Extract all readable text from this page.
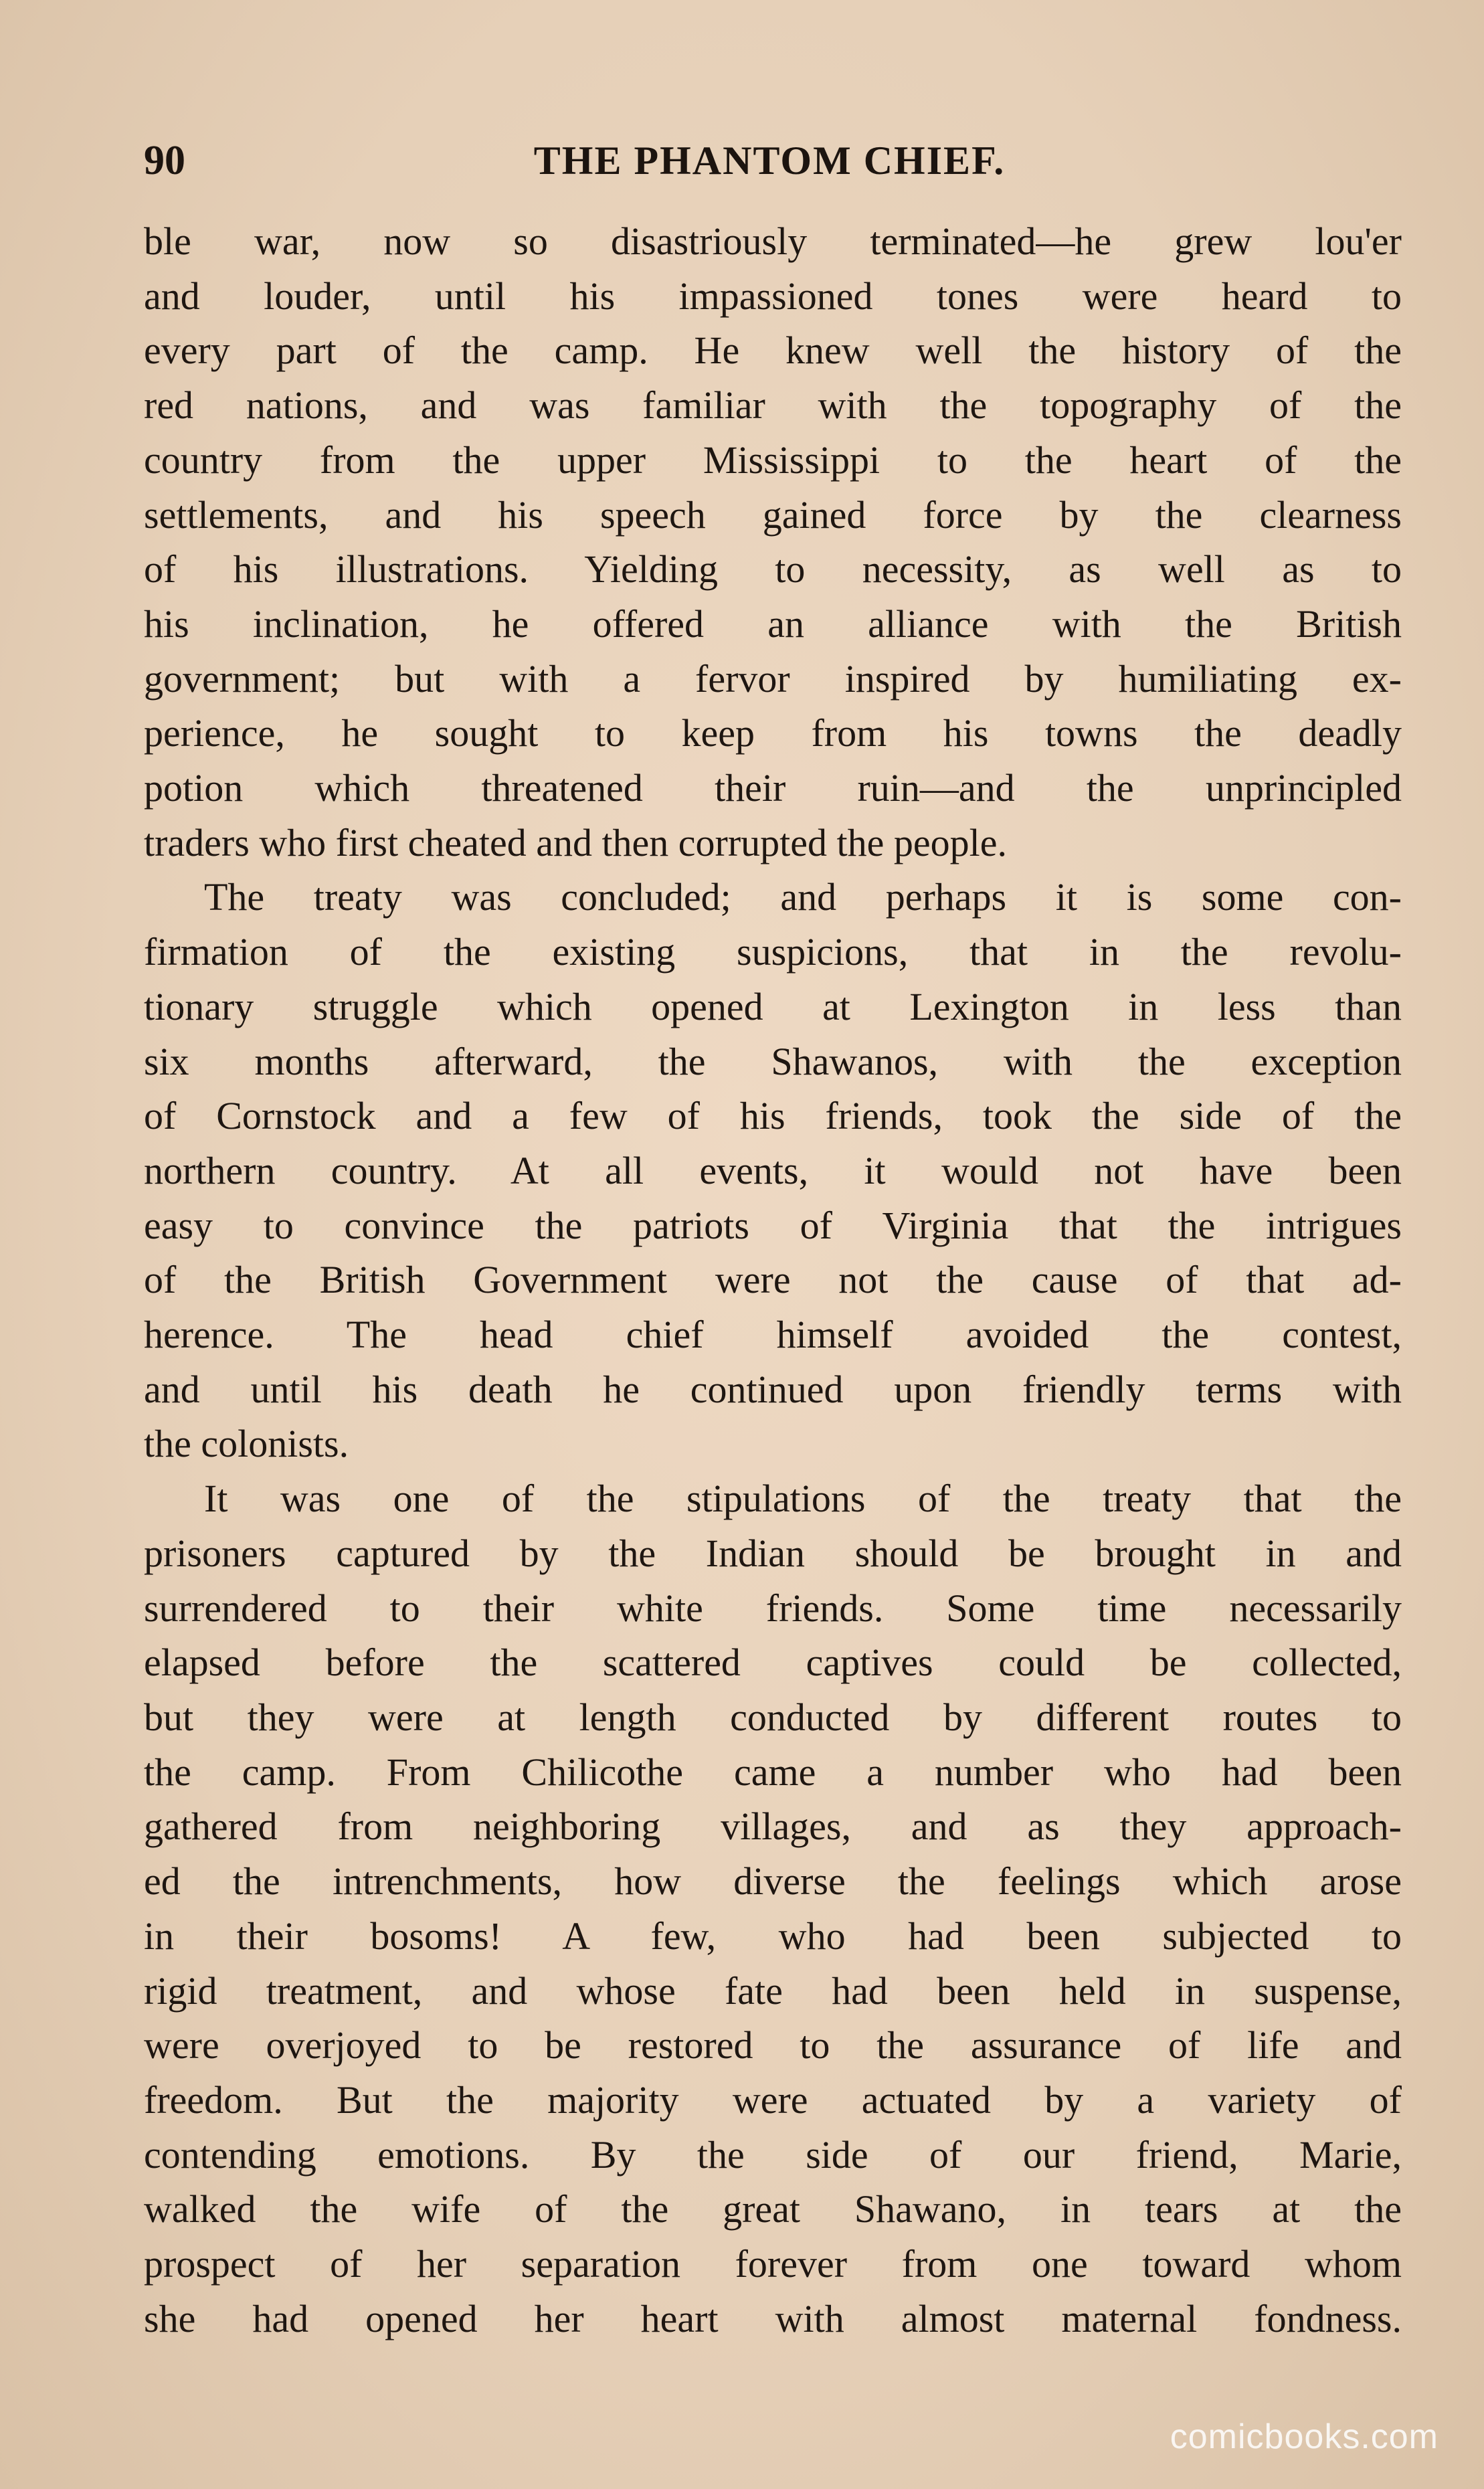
90	THE PHANTOM CHIEF.
ble war, now so disastriously terminated—he grew lou'er
and louder, until his impassioned tones were heard to
every part of the camp. He knew well the history of the
red nations, and was familiar with the topography of the
country from the upper Mississippi to the heart of the
settlements, and his speech gained force by the clearness
of his illustrations. Yielding to necessity, as well as to
his inclination, he offered an alliance with the British
government; but with a fervor inspired by humiliating ex-
perience, he sought to keep from his towns the deadly
potion which threatened their ruin—and the unprincipled
traders who first cheated and then corrupted the people.
The treaty was concluded; and perhaps it is some con-
firmation of the existing suspicions, that in the revolu-
tionary struggle which opened at Lexington in less than
six months afterward, the Shawanos, with the exception
of Cornstock and a few of his friends, took the side of the
northern country. At all events, it would not have been
easy to convince the patriots of Virginia that the intrigues
of the British Government were not the cause of that ad-
herence. The head chief himself avoided the contest,
and until his death he continued upon friendly terms with
the colonists.
It was one of the stipulations of the treaty that the
prisoners captured by the Indian should be brought in and
surrendered to their white friends. Some time necessarily
elapsed before the scattered captives could be collected,
but they were at length conducted by different routes to
the camp. From Chilicothe came a number who had been
gathered from neighboring villages, and as they approach-
ed the intrenchments, how diverse the feelings which arose
in their bosoms! A few, who had been subjected to
rigid treatment, and whose fate had been held in suspense,
were overjoyed to be restored to the assurance of life and
freedom. But the majority were actuated by a variety of
contending emotions. By the side of our friend, Marie,
walked the wife of the great Shawano, in tears at the
prospect of her separation forever from one toward whom
she had opened her heart with almost maternal fondness.
comicbooks.com
